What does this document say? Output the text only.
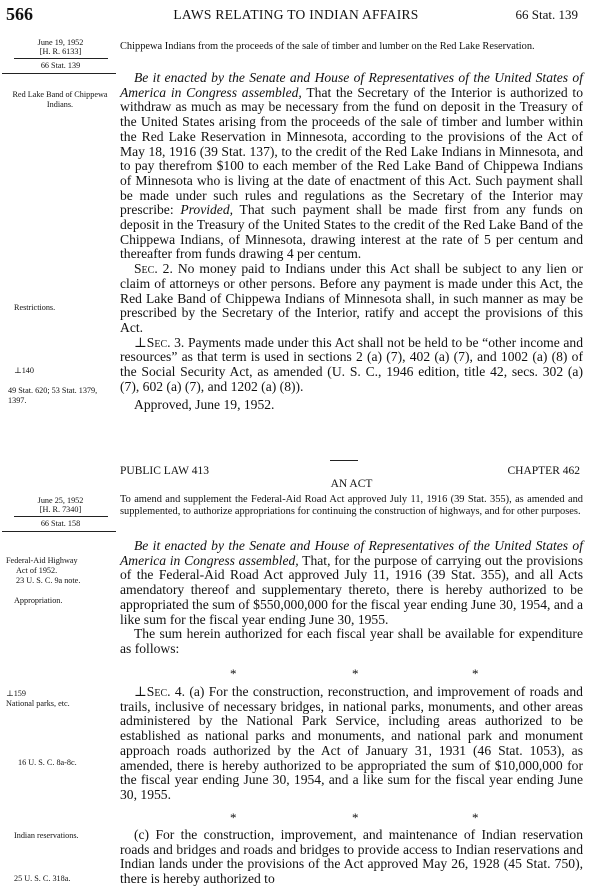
566	LAWS RELATING TO INDIAN AFFAIRS	66 Stat. 139
June 19, 1952
[H. R. 6133]
66 Stat. 139
Red Lake Band of Chippewa Indians.
Restrictions.
⊥140
49 Stat. 620; 53 Stat. 1379, 1397.

Chippewa Indians from the proceeds of the sale of timber and lumber on the Red Lake Reservation.

Be it enacted by the Senate and House of Representatives of the United States of America in Congress assembled, That the Secretary of the Interior is authorized to withdraw as much as may be necessary from the fund on deposit in the Treasury of the United States arising from the proceeds of the sale of timber and lumber within the Red Lake Reservation in Minnesota, according to the provisions of the Act of May 18, 1916 (39 Stat. 137), to the credit of the Red Lake Indians in Minnesota, and to pay therefrom $100 to each member of the Red Lake Band of Chippewa Indians of Minnesota who is living at the date of enactment of this Act. Such payment shall be made under such rules and regulations as the Secretary of the Interior may prescribe: Provided, That such payment shall be made first from any funds on deposit in the Treasury of the United States to the credit of the Red Lake Band of the Chippewa Indians, of Minnesota, drawing interest at the rate of 5 per centum and thereafter from funds drawing 4 per centum.

Sec. 2. No money paid to Indians under this Act shall be subject to any lien or claim of attorneys or other persons. Before any payment is made under this Act, the Red Lake Band of Chippewa Indians of Minnesota shall, in such manner as may be prescribed by the Secretary of the Interior, ratify and accept the provisions of this Act.

⊥Sec. 3. Payments made under this Act shall not be held to be “other income and resources” as that term is used in sections 2 (a) (7), 402 (a) (7), and 1002 (a) (8) of the Social Security Act, as amended (U. S. C., 1946 edition, title 42, secs. 302 (a) (7), 602 (a) (7), and 1202 (a) (8)).

Approved, June 19, 1952.

PUBLIC LAW 413	CHAPTER 462
AN ACT
June 25, 1952
[H. R. 7340]
66 Stat. 158
Federal-Aid Highway
Act of 1952.
23 U. S. C. 9a note.
Appropriation.
⊥159
National parks, etc.
16 U. S. C. 8a-8c.
Indian reservations.
25 U. S. C. 318a.

To amend and supplement the Federal-Aid Road Act approved July 11, 1916 (39 Stat. 355), as amended and supplemented, to authorize appropriations for continuing the construction of highways, and for other purposes.

Be it enacted by the Senate and House of Representatives of the United States of America in Congress assembled, That, for the purpose of carrying out the provisions of the Federal-Aid Road Act approved July 11, 1916 (39 Stat. 355), and all Acts amendatory thereof and supplementary thereto, there is hereby authorized to be appropriated the sum of $550,000,000 for the fiscal year ending June 30, 1954, and a like sum for the fiscal year ending June 30, 1955.

The sum herein authorized for each fiscal year shall be available for expenditure as follows:

*	*	*

⊥Sec. 4. (a) For the construction, reconstruction, and improvement of roads and trails, inclusive of necessary bridges, in national parks, monuments, and other areas administered by the National Park Service, including areas authorized to be established as national parks and monuments, and national park and monument approach roads authorized by the Act of January 31, 1931 (46 Stat. 1053), as amended, there is hereby authorized to be appropriated the sum of $10,000,000 for the fiscal year ending June 30, 1954, and a like sum for the fiscal year ending June 30, 1955.

*	*	*

(c) For the construction, improvement, and maintenance of Indian reservation roads and bridges and roads and bridges to provide access to Indian reservations and Indian lands under the provisions of the Act approved May 26, 1928 (45 Stat. 750), there is hereby authorized to
